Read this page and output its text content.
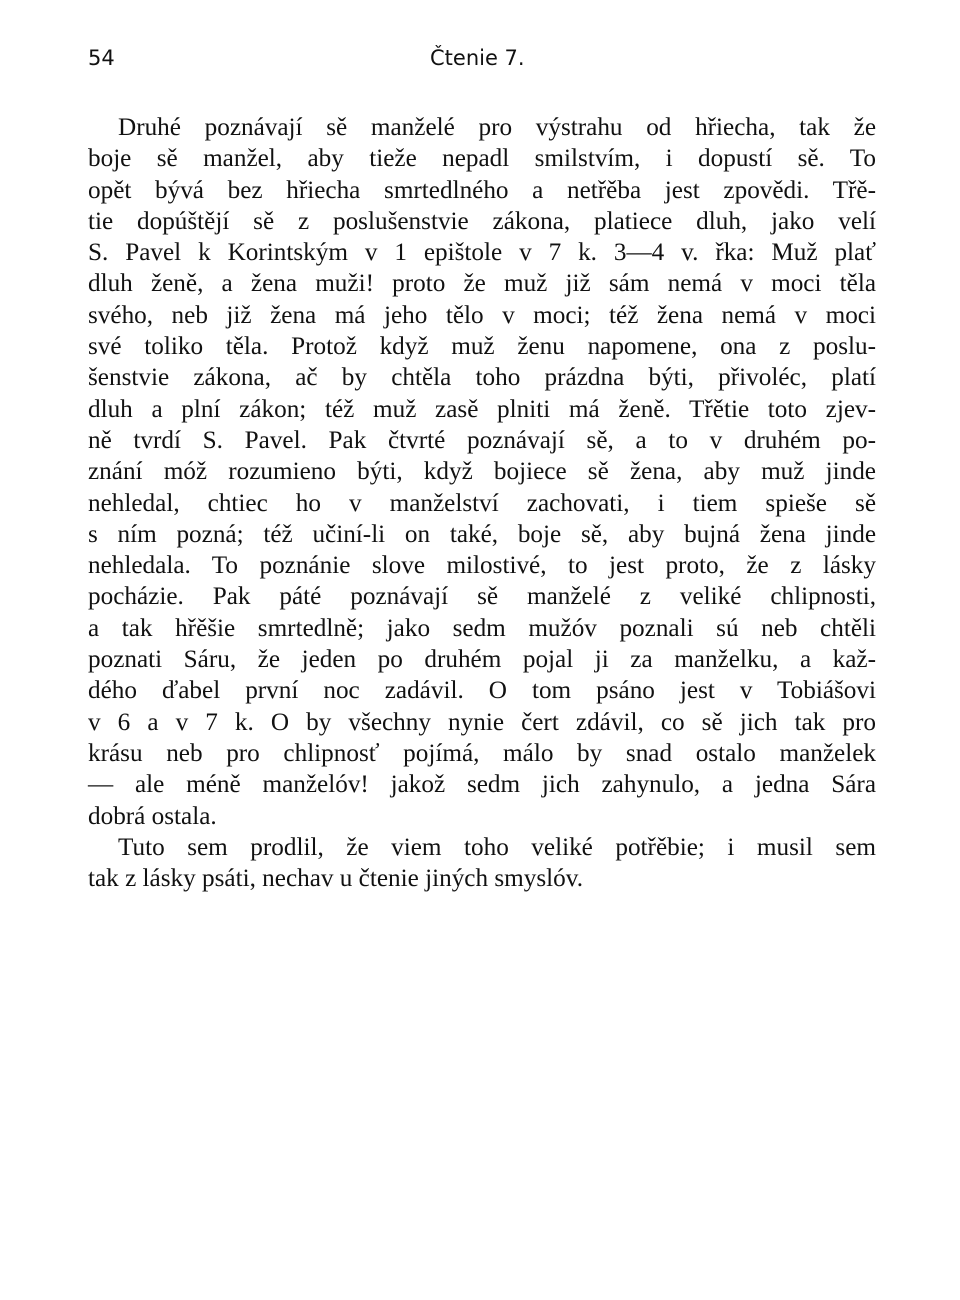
54	Čtenie 7.

Druhé poznávají sě manželé pro výstrahu od hřiecha, tak že
boje sě manžel, aby tieže nepadl smilstvím, i dopustí sě. To
opět bývá bez hřiecha smrtedlného a netřěba jest zpovědi. Třě-
tie dopúštějí sě z poslušenstvie zákona, platiece dluh, jako velí
S. Pavel k Korintským v 1 epištole v 7 k. 3—4 v. řka: Muž plať
dluh ženě, a žena muži! proto že muž již sám nemá v moci těla
svého, neb již žena má jeho tělo v moci; též žena nemá v moci
své toliko těla. Protož když muž ženu napomene, ona z poslu-
šenstvie zákona, ač by chtěla toho prázdna býti, přivoléc, platí
dluh a plní zákon; též muž zasě plniti má ženě. Třětie toto zjev-
ně tvrdí S. Pavel. Pak čtvrté poznávají sě, a to v druhém po-
znání móž rozumieno býti, když bojiece sě žena, aby muž jinde
nehledal, chtiec ho v manželství zachovati, i tiem spieše sě
s ním pozná; též učiní-li on také, boje sě, aby bujná žena jinde
nehledala. To poznánie slove milostivé, to jest proto, že z lásky
pocházie. Pak páté poznávají sě manželé z veliké chlipnosti,
a tak hřěšie smrtedlně; jako sedm mužóv poznali sú neb chtěli
poznati Sáru, že jeden po druhém pojal ji za manželku, a kaž-
dého ďabel první noc zadávil. O tom psáno jest v Tobiášovi
v 6 a v 7 k. O by všechny nynie čert zdávil, co sě jich tak pro
krásu neb pro chlipnosť pojímá, málo by snad ostalo manželek
— ale méně manželóv! jakož sedm jich zahynulo, a jedna Sára
dobrá ostala.

Tuto sem prodlil, že viem toho veliké potřěbie; i musil sem
tak z lásky psáti, nechav u čtenie jiných smyslóv.
